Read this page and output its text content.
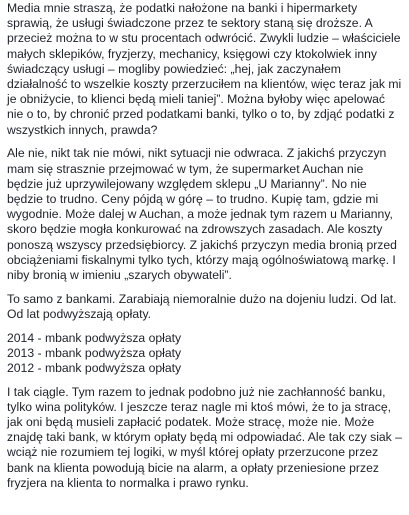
Media mnie straszą, że podatki nałożone na banki i hipermarkety sprawią, że usługi świadczone przez te sektory staną się droższe. A przecież można to w stu procentach odwrócić. Zwykli ludzie – właściciele małych sklepików, fryzjerzy, mechanicy, księgowi czy ktokolwiek inny świadczący usługi – mogliby powiedzieć: „hej, jak zaczynałem działalność to wszelkie koszty przerzuciłem na klientów, więc teraz jak mi je obniżycie, to klienci będą mieli taniej”. Można byłoby więc apelować nie o to, by chronić przed podatkami banki, tylko o to, by zdjąć podatki z wszystkich innych, prawda?

Ale nie, nikt tak nie mówi, nikt sytuacji nie odwraca. Z jakichś przyczyn mam się strasznie przejmować w tym, że supermarket Auchan nie będzie już uprzywilejowany względem sklepu „U Marianny”. No nie będzie to trudno. Ceny pójdą w górę – to trudno. Kupię tam, gdzie mi wygodnie. Może dalej w Auchan, a może jednak tym razem u Marianny, skoro będzie mogła konkurować na zdrowszych zasadach. Ale koszty ponoszą wszyscy przedsiębiorcy. Z jakichś przyczyn media bronią przed obciążeniami fiskalnymi tylko tych, którzy mają ogólnoświatową markę. I niby bronią w imieniu „szarych obywateli”.

To samo z bankami. Zarabiają niemoralnie dużo na dojeniu ludzi. Od lat. Od lat podwyższają opłaty.

2014 - mbank podwyższa opłaty
2013 - mbank podwyższa opłaty
2012 - mbank podwyższa opłaty

I tak ciągle. Tym razem to jednak podobno już nie zachłanność banku, tylko wina polityków. I jeszcze teraz nagle mi ktoś mówi, że to ja stracę, jak oni będą musieli zapłacić podatek. Może stracę, może nie. Może znajdę taki bank, w którym opłaty będą mi odpowiadać. Ale tak czy siak – wciąż nie rozumiem tej logiki, w myśl której opłaty przerzucone przez bank na klienta powodują bicie na alarm, a opłaty przeniesione przez fryzjera na klienta to normalka i prawo rynku.
